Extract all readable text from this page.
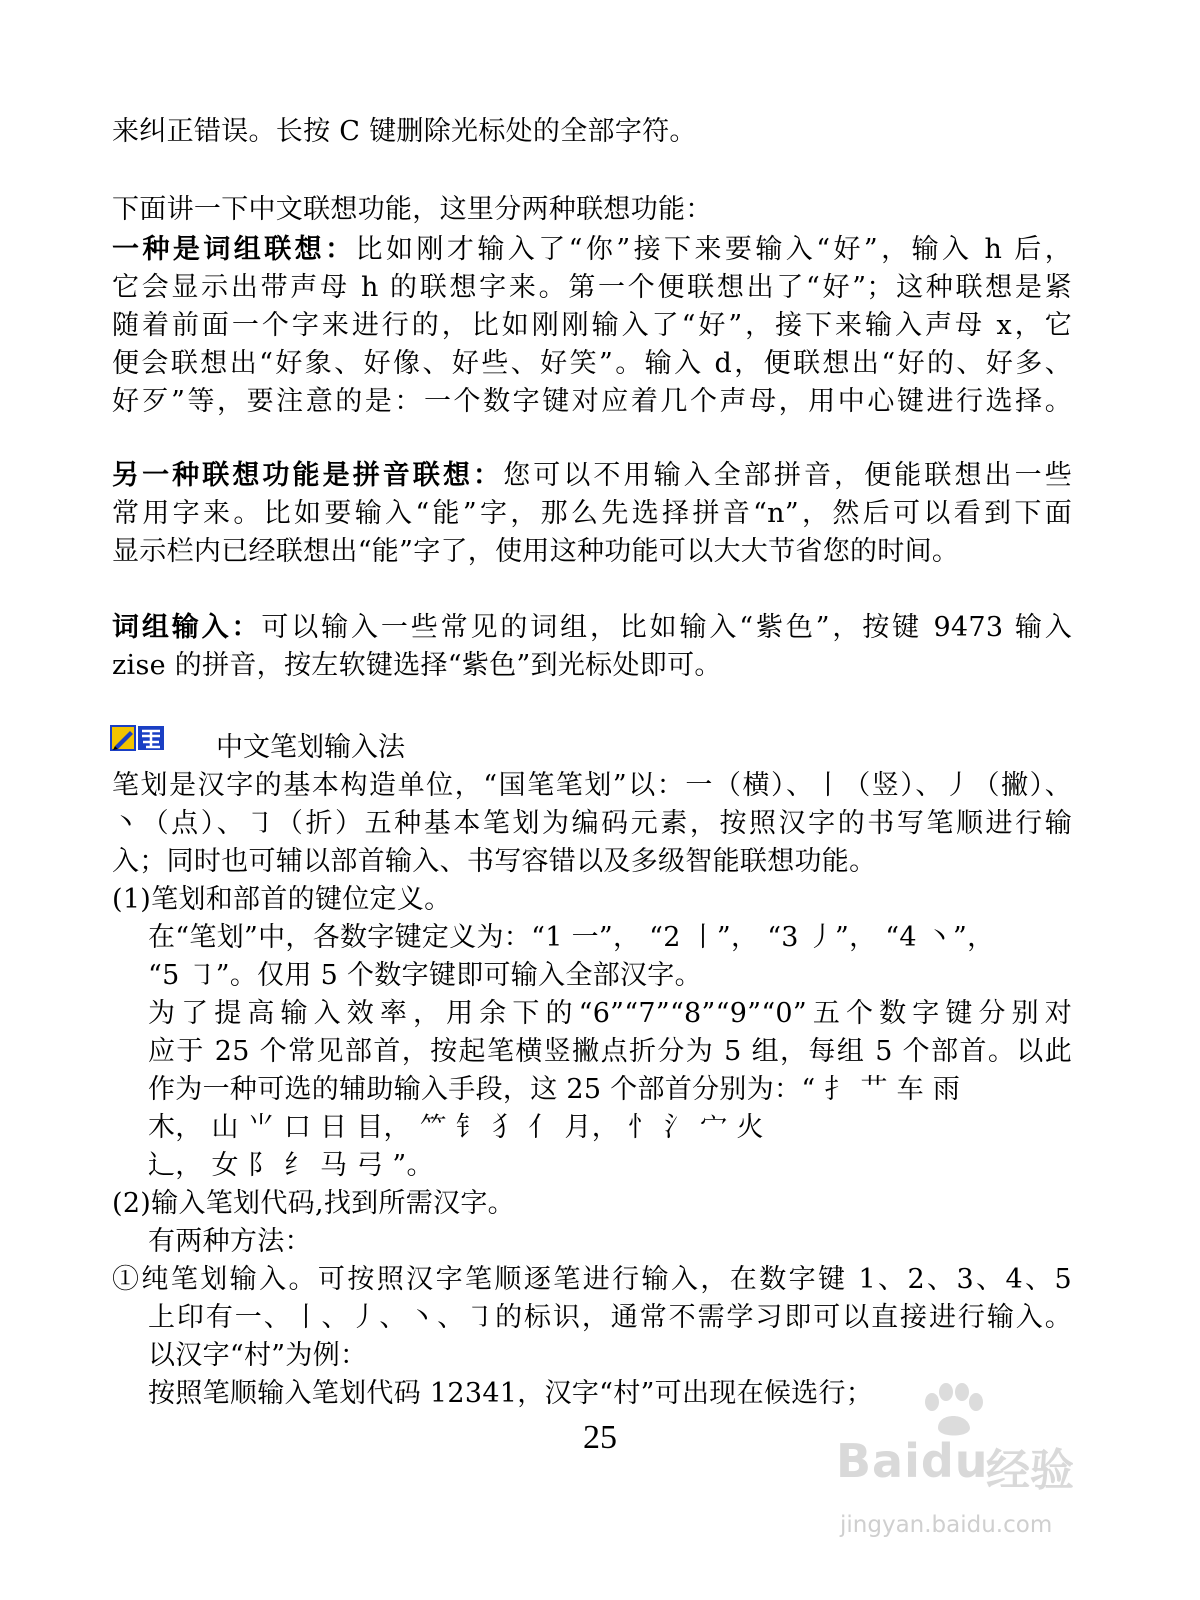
来纠正错误。长按 C 键删除光标处的全部字符。
下面讲一下中文联想功能，这里分两种联想功能：
一种是词组联想：比如刚才输入了“你”接下来要输入“好”，输入 h 后，
它会显示出带声母 h 的联想字来。第一个便联想出了“好”；这种联想是紧
随着前面一个字来进行的，比如刚刚输入了“好”，接下来输入声母 x，它
便会联想出“好象、好像、好些、好笑”。输入 d，便联想出“好的、好多、
好歹”等，要注意的是：一个数字键对应着几个声母，用中心键进行选择。
另一种联想功能是拼音联想：您可以不用输入全部拼音，便能联想出一些
常用字来。比如要输入“能”字，那么先选择拼音“n”，然后可以看到下面
显示栏内已经联想出“能”字了，使用这种功能可以大大节省您的时间。
词组输入：可以输入一些常见的词组，比如输入“紫色”，按键 9473 输入
zise 的拼音，按左软键选择“紫色”到光标处即可。
中文笔划输入法
笔划是汉字的基本构造单位，“国笔笔划”以：一（横）、丨（竖）、丿（撇）、
丶（点）、㇆（折）五种基本笔划为编码元素，按照汉字的书写笔顺进行输
入；同时也可辅以部首输入、书写容错以及多级智能联想功能。
(1)笔划和部首的键位定义。
在“笔划”中，各数字键定义为：“1 一”， “2 丨”， “3 丿”， “4 丶”，
“5 ㇆”。仅用 5 个数字键即可输入全部汉字。
为了提高输入效率，用余下的“6”“7”“8”“9”“0”五个数字键分别对
应于 25 个常见部首，按起笔横竖撇点折分为 5 组，每组 5 个部首。以此
作为一种可选的辅助输入手段，这 25 个部首分别为：“ 扌 艹 车 雨
木， 山 ⺌ 口 日 目， ⺮ 钅 犭 亻 月， 忄 氵 宀 火
辶， 女 阝 纟 马 弓 ”。
(2)输入笔划代码,找到所需汉字。
有两种方法：
①纯笔划输入。可按照汉字笔顺逐笔进行输入，在数字键 1、2、3、4、5
上印有一、丨、丿、丶、㇆的标识，通常不需学习即可以直接进行输入。
以汉字“村”为例：
按照笔顺输入笔划代码 12341，汉字“村”可出现在候选行；
25	Baidu
经验
jingyan.baidu.com
